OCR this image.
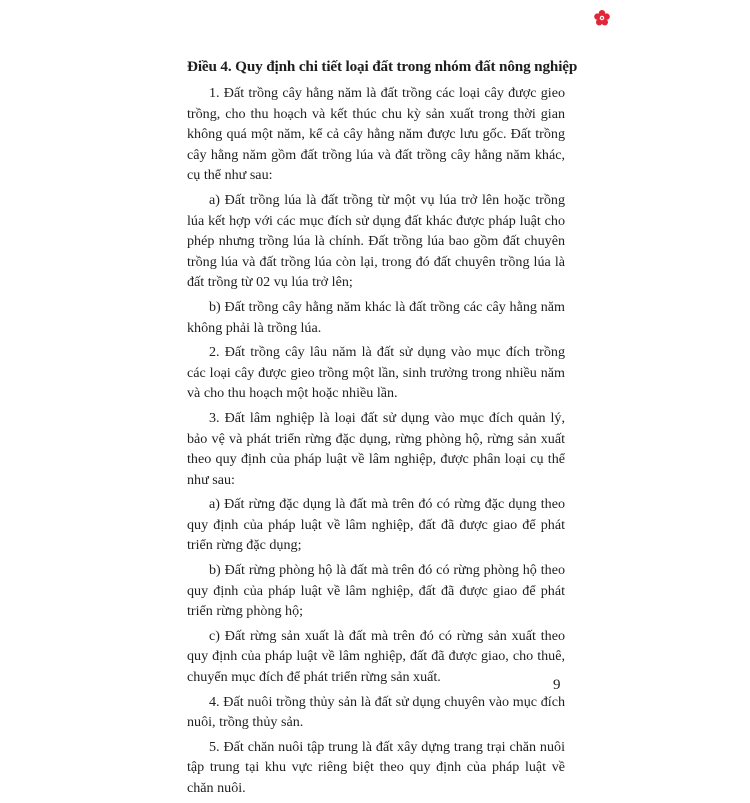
Điều 4. Quy định chi tiết loại đất trong nhóm đất nông nghiệp

1. Đất trồng cây hằng năm là đất trồng các loại cây được gieo trồng, cho thu hoạch và kết thúc chu kỳ sản xuất trong thời gian không quá một năm, kể cả cây hằng năm được lưu gốc. Đất trồng cây hằng năm gồm đất trồng lúa và đất trồng cây hằng năm khác, cụ thể như sau:

a) Đất trồng lúa là đất trồng từ một vụ lúa trở lên hoặc trồng lúa kết hợp với các mục đích sử dụng đất khác được pháp luật cho phép nhưng trồng lúa là chính. Đất trồng lúa bao gồm đất chuyên trồng lúa và đất trồng lúa còn lại, trong đó đất chuyên trồng lúa là đất trồng từ 02 vụ lúa trở lên;

b) Đất trồng cây hằng năm khác là đất trồng các cây hằng năm không phải là trồng lúa.

2. Đất trồng cây lâu năm là đất sử dụng vào mục đích trồng các loại cây được gieo trồng một lần, sinh trưởng trong nhiều năm và cho thu hoạch một hoặc nhiều lần.

3. Đất lâm nghiệp là loại đất sử dụng vào mục đích quản lý, bảo vệ và phát triển rừng đặc dụng, rừng phòng hộ, rừng sản xuất theo quy định của pháp luật về lâm nghiệp, được phân loại cụ thể như sau:

a) Đất rừng đặc dụng là đất mà trên đó có rừng đặc dụng theo quy định của pháp luật về lâm nghiệp, đất đã được giao để phát triển rừng đặc dụng;

b) Đất rừng phòng hộ là đất mà trên đó có rừng phòng hộ theo quy định của pháp luật về lâm nghiệp, đất đã được giao để phát triển rừng phòng hộ;

c) Đất rừng sản xuất là đất mà trên đó có rừng sản xuất theo quy định của pháp luật về lâm nghiệp, đất đã được giao, cho thuê, chuyển mục đích để phát triển rừng sản xuất.

4. Đất nuôi trồng thủy sản là đất sử dụng chuyên vào mục đích nuôi, trồng thủy sản.

5. Đất chăn nuôi tập trung là đất xây dựng trang trại chăn nuôi tập trung tại khu vực riêng biệt theo quy định của pháp luật về chăn nuôi.

9
